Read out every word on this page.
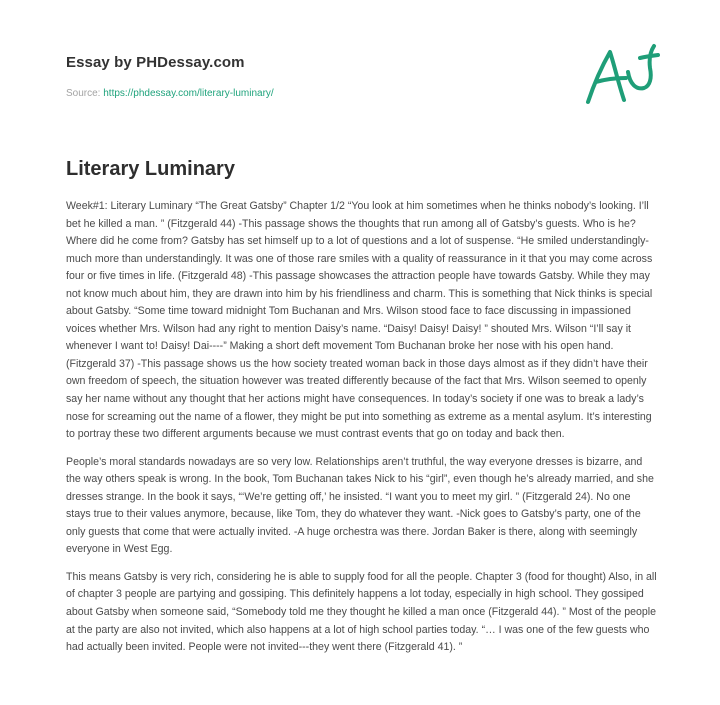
Essay by PHDessay.com

Source: https://phdessay.com/literary-luminary/
Literary Luminary

Week#1: Literary Luminary “The Great Gatsby” Chapter 1/2 “You look at him sometimes when he thinks nobody’s looking. I’ll bet he killed a man. ” (Fitzgerald 44) -This passage shows the thoughts that run among all of Gatsby’s guests. Who is he? Where did he come from? Gatsby has set himself up to a lot of questions and a lot of suspense. “He smiled understandingly- much more than understandingly. It was one of those rare smiles with a quality of reassurance in it that you may come across four or five times in life. (Fitzgerald 48) -This passage showcases the attraction people have towards Gatsby. While they may not know much about him, they are drawn into him by his friendliness and charm. This is something that Nick thinks is special about Gatsby. “Some time toward midnight Tom Buchanan and Mrs. Wilson stood face to face discussing in impassioned voices whether Mrs. Wilson had any right to mention Daisy’s name. “Daisy! Daisy! Daisy! ” shouted Mrs. Wilson “I’ll say it whenever I want to! Daisy! Dai----” Making a short deft movement Tom Buchanan broke her nose with his open hand. (Fitzgerald 37) -This passage shows us the how society treated woman back in those days almost as if they didn’t have their own freedom of speech, the situation however was treated differently because of the fact that Mrs. Wilson seemed to openly say her name without any thought that her actions might have consequences. In today’s society if one was to break a lady’s nose for screaming out the name of a flower, they might be put into something as extreme as a mental asylum. It’s interesting to portray these two different arguments because we must contrast events that go on today and back then.

People’s moral standards nowadays are so very low. Relationships aren’t truthful, the way everyone dresses is bizarre, and the way others speak is wrong. In the book, Tom Buchanan takes Nick to his “girl”, even though he’s already married, and she dresses strange. In the book it says, “‘We’re getting off,’ he insisted. “I want you to meet my girl. ” (Fitzgerald 24). No one stays true to their values anymore, because, like Tom, they do whatever they want. -Nick goes to Gatsby’s party, one of the only guests that come that were actually invited. -A huge orchestra was there. Jordan Baker is there, along with seemingly everyone in West Egg.

This means Gatsby is very rich, considering he is able to supply food for all the people. Chapter 3 (food for thought) Also, in all of chapter 3 people are partying and gossiping. This definitely happens a lot today, especially in high school. They gossiped about Gatsby when someone said, “Somebody told me they thought he killed a man once (Fitzgerald 44). ” Most of the people at the party are also not invited, which also happens at a lot of high school parties today. “… I was one of the few guests who had actually been invited. People were not invited---they went there (Fitzgerald 41). ”
